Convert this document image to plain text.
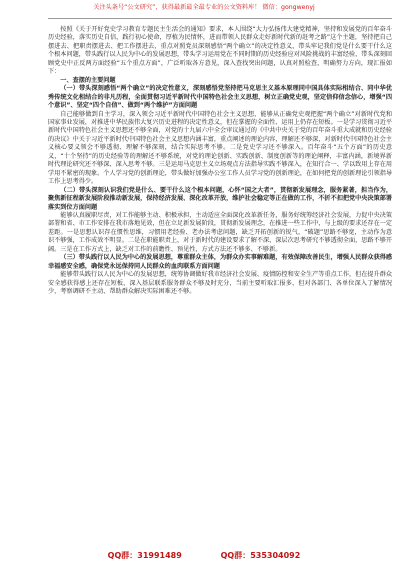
关注头条号“公文研究”，获得最新最全最专业的公文资料库！ 微信：gongwenyj

按照《关于开好党史学习教育专题民主生活会的通知》要求，本人围绕“大力弘扬伟大建党精神，坚持和发展党的百年奋斗历史经验，落实历史自信，践行初心使命，厚植为民情怀，进而带领人民群众走好新时代新的赶考之路”这个主题，坚持把自己摆进去、把职责摆进去、把工作摆进去，重点对照党员深刻感悟“两个确立”的决定性意义，带头牢记我们党是什么要干什么这个根本问题，带头践行以人民为中心的发展思想，带头学习运用党在不同时期的历史经验应对风险挑战的丰富经验，带头深刻回顾党史中正反两方面经验“五个重点方面”，广泛听取各方意见，深入查找突出问题，认真对照检查，明确努力方向，现汇报如下：

一、查摆的主要问题

（一）带头深刻感悟“两个确立”的决定性意义，深刻感悟党坚持把马克思主义基本原理同中国具体实际相结合、同中华优秀传统文化相结合的非凡历程，全面贯彻习近平新时代中国特色社会主义思想，树立正确党史观，坚定信仰信念信心，增强“四个意识”、坚定“四个自信”、做到“两个维护”方面问题

自己能够做到自主学习，深入领会习近平新时代中国特色社会主义思想，能够从正确党史观把握“两个确立”对新时代党和国家事业发展，对推进中华民族伟大复兴历史进程的决定性意义，但在掌握的全面性、运用上仍存在短板。一是学习贯彻习近平新时代中国特色社会主义思想还不够全面，对党的十九届六中全会审议通过的《中共中央关于党的百年奋斗重大成就和历史经验的决议》中关于习近平新时代中国特色社会主义思想内涵丰富，重点阐述的理论内容，理解还不够深，对新时代中国特色社会主义核心要义领会不够透彻、理解不够深刻，结合实际思考不够。二是党史学习还不够深入。百年奋斗“五个方面”的历史意义，“十个坚持”的历史经验等的理解还不够系统，对党的理论创新、实践创新、制度创新等的理论阐释，丰富内涵，新境界新时代理论研究还不够深、深入思考不够。三是运用马克思主义立场观点方法指导实践不够深入，在知行合一、学以致用上存在用学用不紧密的现象。个人学习党的创新理论，带头做好加强办公室工作人员学习党的创新理论，在如何把党的创新理论引领指导工作上思考得少。

（二）带头深刻认识我们党是什么、要干什么这个根本问题，心怀“国之大者”，贯彻新发展理念，服务紧著，担当作为，聚焦新征程新发展阶段推动新发展，保持经济发展、深化改革开放，维护社会稳定等正在做的工作，不折不扣把党中央决策部署落实到位方面问题

能够认真履职尽责，对工作能够主动、积极承担，主动适应全面深化改革新任务，服务好统筹经济社会发展，力促中央决策部署和省、市工作安排在我市落地见效，但在立足新发展阶段，贯彻新发展理念，在推进一些工作中，与上级的要求还存在一定差距。一是思想认识存在惯性思维，习惯用老经验、老办法考虑问题，缺乏开拓创新的锐气，“破题”思路不够宽，主动作为意识不够强，工作成效不明显。二是在职能职责上，对于新时代的建设要求了解不深，深层次思考研究不够透彻全面，思路不够开阔。三是在工作方式上，缺乏对工作的前瞻性、预见性，方式方法还不够多、不够新。

（三）带头践行以人民为中心的发展思想，尊重群众主体，为群众办实事解难题，有效保障改善民生，增强人民群众获得感幸福感安全感，确保党永远保持同人民群众的血肉联系方面问题

能够带头践行以人民为中心的发展思想，统筹协调做好我市经济社会发展、疫情防控和安全生产等重点工作，但在提升群众安全感获得感上还存在短板，深入基层联系服务群众不够及时充分，当前主要听取汇报多、但对各部门、各单位深入了解情况少，考察调研不主动、帮助群众解决实际困难还不够。

QQ群：31991489	QQ群：535304092
